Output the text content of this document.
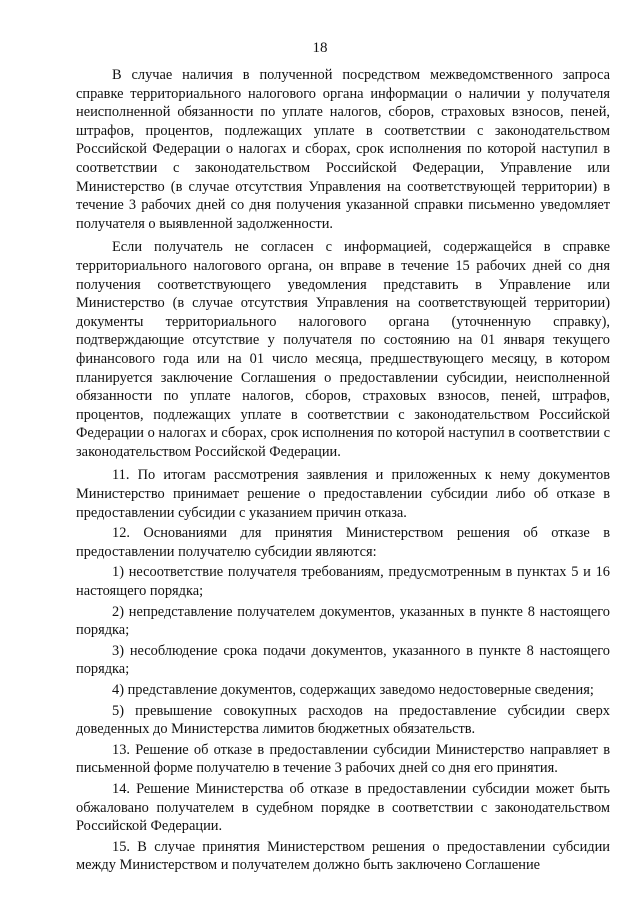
18

В случае наличия в полученной посредством межведомственного запроса справке территориального налогового органа информации о наличии у получателя неисполненной обязанности по уплате налогов, сборов, страховых взносов, пеней, штрафов, процентов, подлежащих уплате в соответствии с законодательством Российской Федерации о налогах и сборах, срок исполнения по которой наступил в соответствии с законодательством Российской Федерации, Управление или Министерство (в случае отсутствия Управления на соответствующей территории) в течение 3 рабочих дней со дня получения указанной справки письменно уведомляет получателя о выявленной задолженности.

Если получатель не согласен с информацией, содержащейся в справке территориального налогового органа, он вправе в течение 15 рабочих дней со дня получения соответствующего уведомления представить в Управление или Министерство (в случае отсутствия Управления на соответствующей территории) документы территориального налогового органа (уточненную справку), подтверждающие отсутствие у получателя по состоянию на 01 января текущего финансового года или на 01 число месяца, предшествующего месяцу, в котором планируется заключение Соглашения о предоставлении субсидии, неисполненной обязанности по уплате налогов, сборов, страховых взносов, пеней, штрафов, процентов, подлежащих уплате в соответствии с законодательством Российской Федерации о налогах и сборах, срок исполнения по которой наступил в соответствии с законодательством Российской Федерации.

11. По итогам рассмотрения заявления и приложенных к нему документов Министерство принимает решение о предоставлении субсидии либо об отказе в предоставлении субсидии с указанием причин отказа.

12. Основаниями для принятия Министерством решения об отказе в предоставлении получателю субсидии являются:

1) несоответствие получателя требованиям, предусмотренным в пунктах 5 и 16 настоящего порядка;

2) непредставление получателем документов, указанных в пункте 8 настоящего порядка;

3) несоблюдение срока подачи документов, указанного в пункте 8 настоящего порядка;

4) представление документов, содержащих заведомо недостоверные сведения;

5) превышение совокупных расходов на предоставление субсидии сверх доведенных до Министерства лимитов бюджетных обязательств.

13. Решение об отказе в предоставлении субсидии Министерство направляет в письменной форме получателю в течение 3 рабочих дней со дня его принятия.

14. Решение Министерства об отказе в предоставлении субсидии может быть обжаловано получателем в судебном порядке в соответствии с законодательством Российской Федерации.

15. В случае принятия Министерством решения о предоставлении субсидии между Министерством и получателем должно быть заключено Соглашение
